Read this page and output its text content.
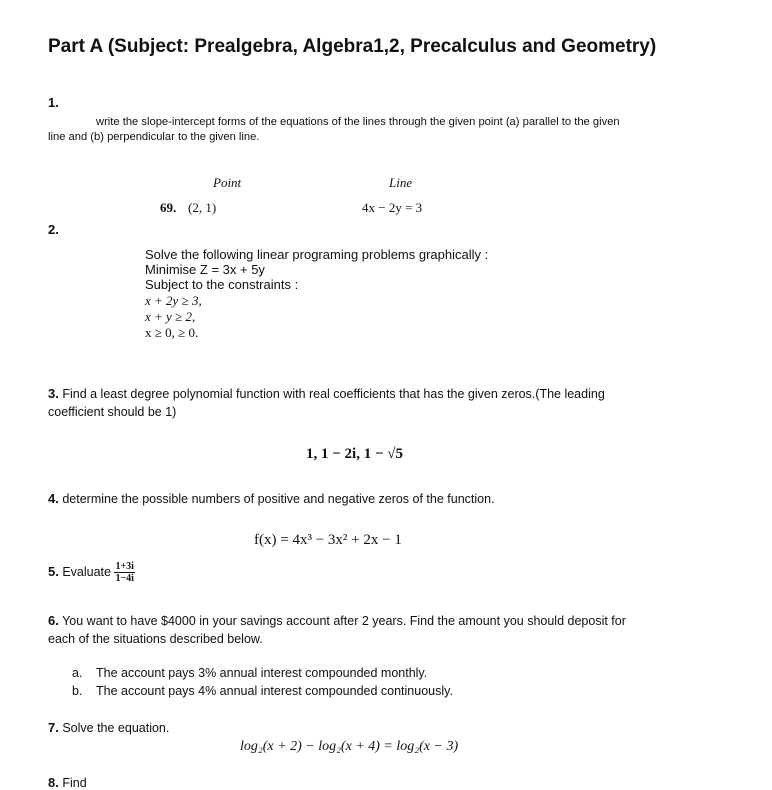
Part A (Subject: Prealgebra, Algebra1,2, Precalculus and Geometry)
1.
write the slope-intercept forms of the equations of the lines through the given point (a) parallel to the given
line and (b) perpendicular to the given line.
Point	Line
69. (2, 1)	4x − 2y = 3
2.
Solve the following linear programing problems graphically :
Minimise Z = 3x + 5y
Subject to the constraints :
x + 2y ≥ 3,
x + y ≥ 2,
x ≥ 0, ≥ 0.
3. Find a least degree polynomial function with real coefficients that has the given zeros.(The leading
coefficient should be 1)
1, 1 − 2i, 1 − √5
4. determine the possible numbers of positive and negative zeros of the function.
f(x) = 4x³ − 3x² + 2x − 1
5. Evaluate $\frac{1+3i}{1-4i}$
6. You want to have $4000 in your savings account after 2 years. Find the amount you should deposit for
each of the situations described below.
a. The account pays 3% annual interest compounded monthly.
b. The account pays 4% annual interest compounded continuously.
7. Solve the equation.
log₂(x + 2) − log₂(x + 4) = log₂(x − 3)
8. Find
